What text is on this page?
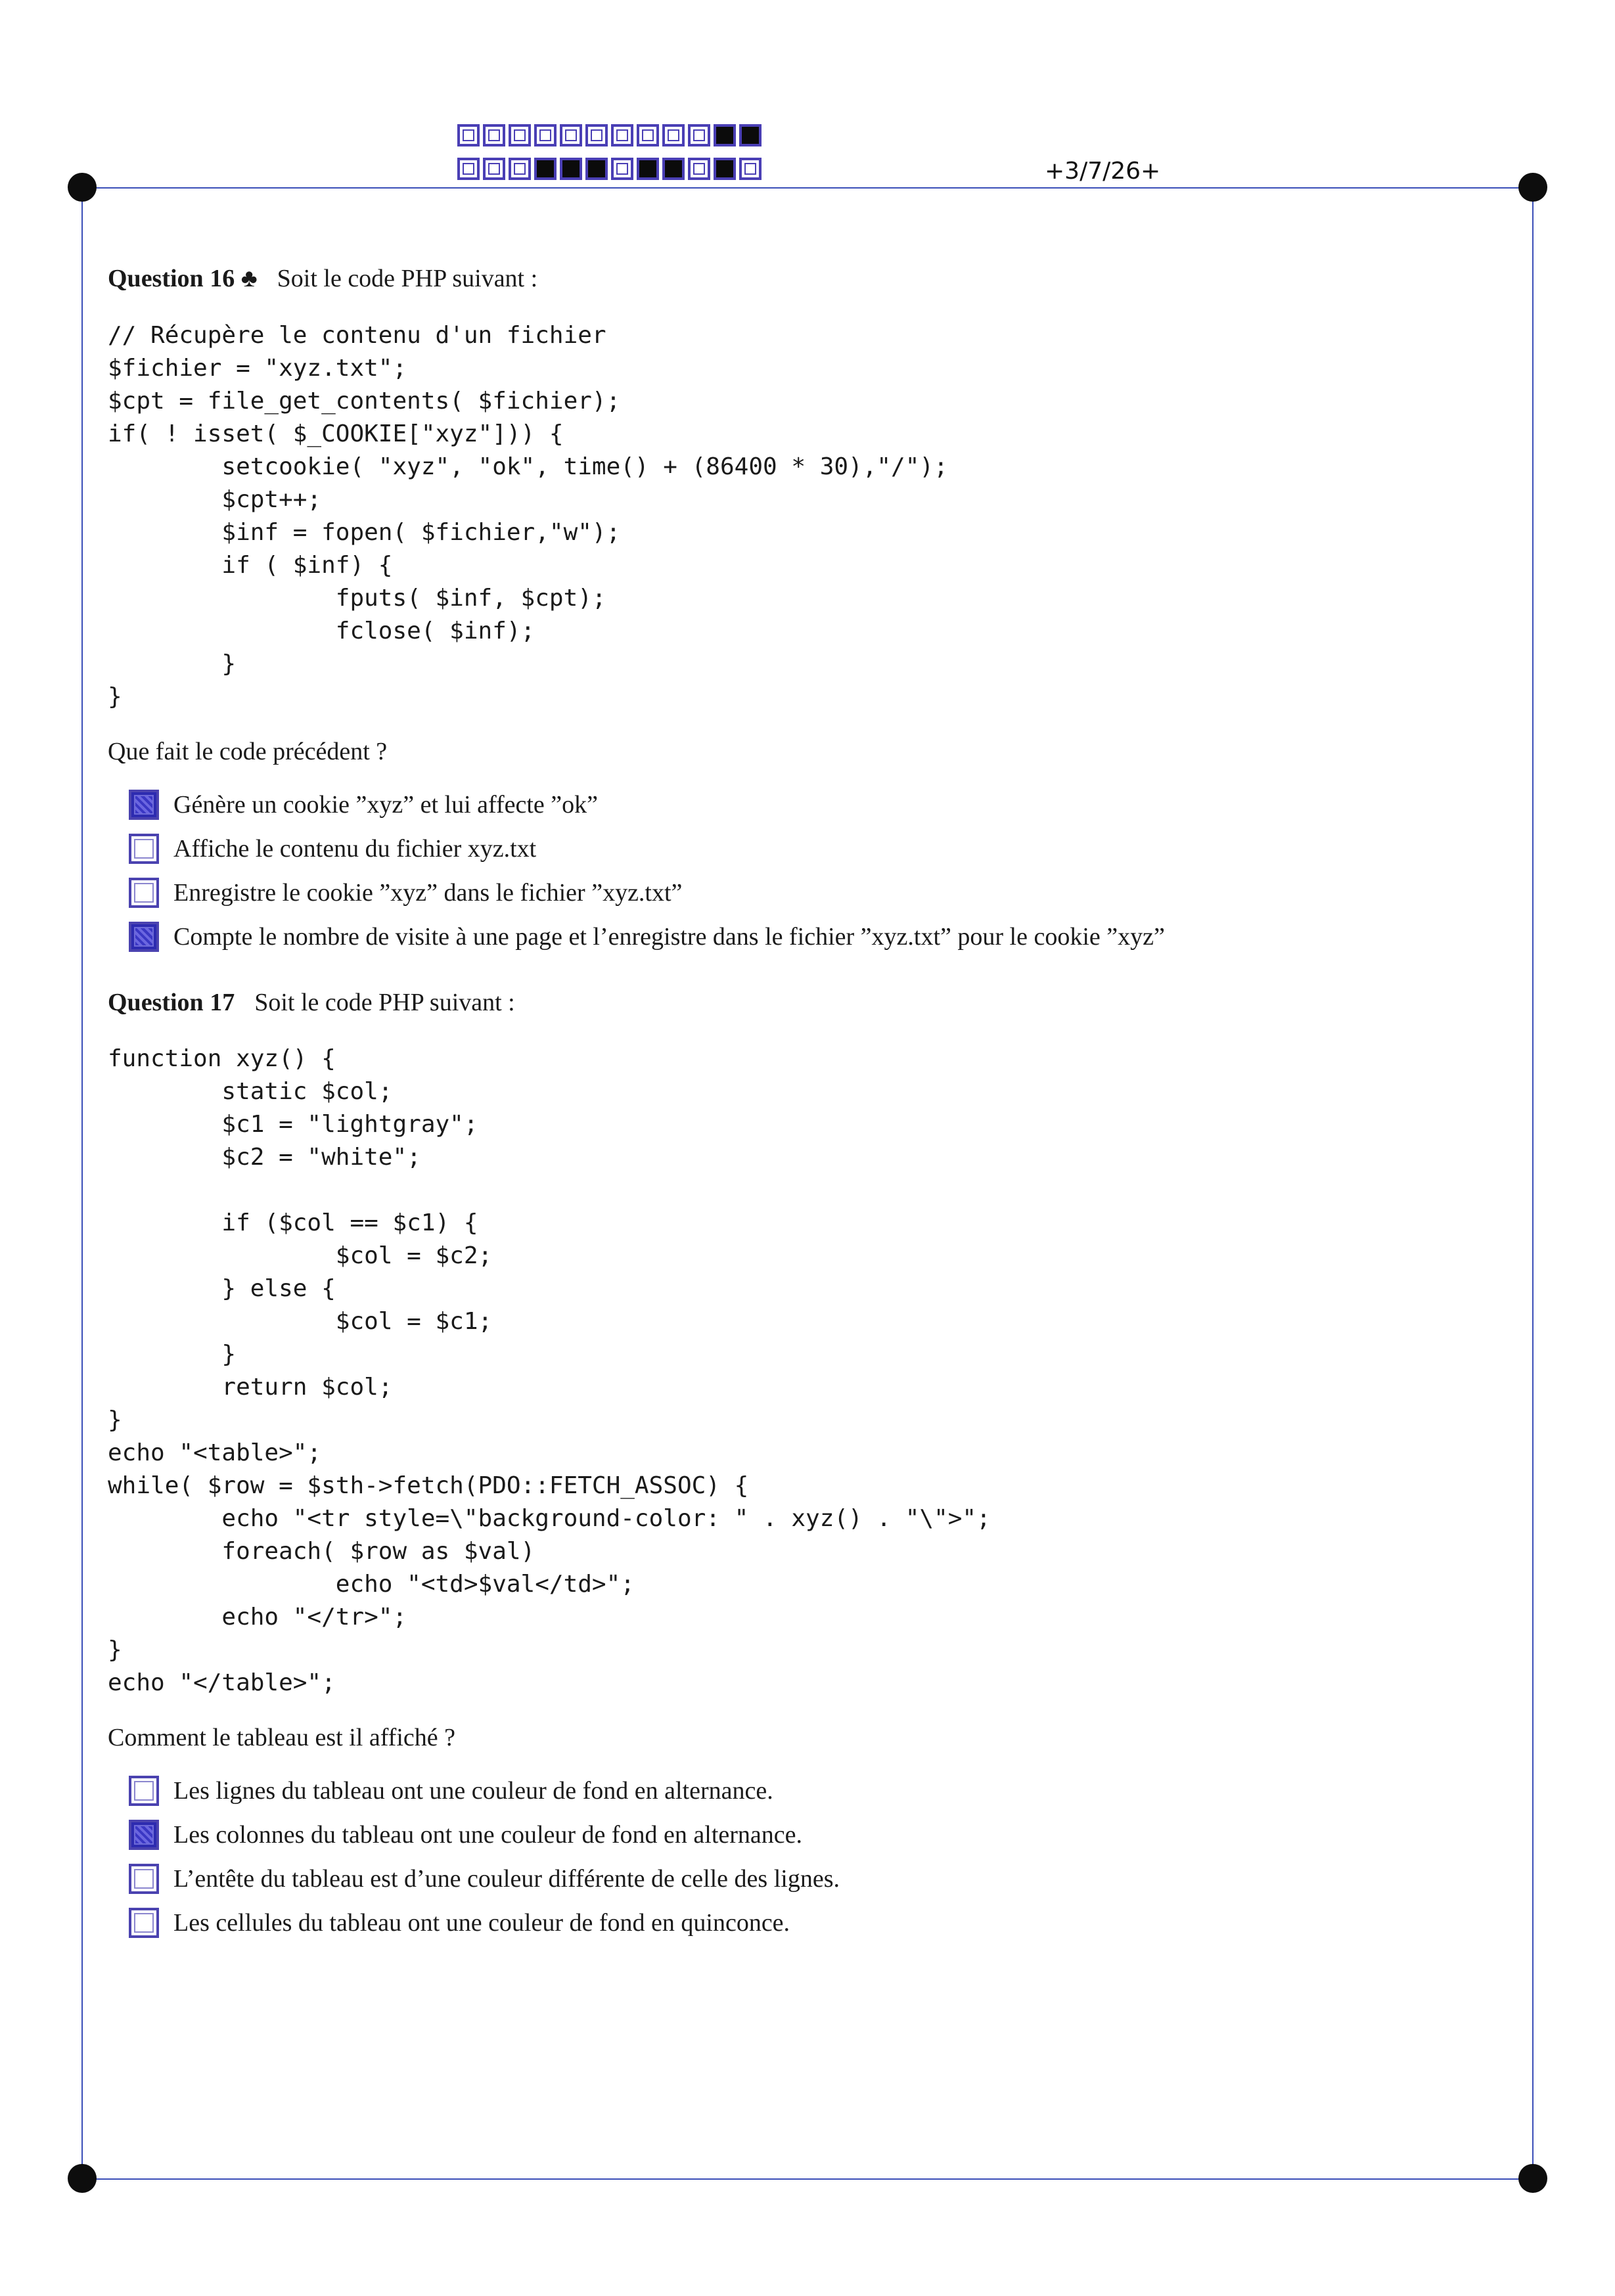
+3/7/26+
Question 16 ♣ Soit le code PHP suivant :
// Récupère le contenu d'un fichier
$fichier = "xyz.txt";
$cpt = file_get_contents( $fichier);
if( ! isset( $_COOKIE["xyz"])) {
setcookie( "xyz", "ok", time() + (86400 * 30),"/");
$cpt++;
$inf = fopen( $fichier,"w");
if ( $inf) {
fputs( $inf, $cpt);
fclose( $inf);
}
}
Que fait le code précédent ?
Génère un cookie ”xyz” et lui affecte ”ok”
Affiche le contenu du fichier xyz.txt
Enregistre le cookie ”xyz” dans le fichier ”xyz.txt”
Compte le nombre de visite à une page et l’enregistre dans le fichier ”xyz.txt” pour le cookie ”xyz”
Question 17 Soit le code PHP suivant :
function xyz() {
static $col;
$c1 = "lightgray";
$c2 = "white";

if ($col == $c1) {
$col = $c2;
} else {
$col = $c1;
}
return $col;
}
echo "<table>";
while( $row = $sth->fetch(PDO::FETCH_ASSOC) {
echo "<tr style=\"background-color: " . xyz() . "\">";
foreach( $row as $val)
echo "<td>$val</td>";
echo "</tr>";
}
echo "</table>";
Comment le tableau est il affiché ?
Les lignes du tableau ont une couleur de fond en alternance.
Les colonnes du tableau ont une couleur de fond en alternance.
L’entête du tableau est d’une couleur différente de celle des lignes.
Les cellules du tableau ont une couleur de fond en quinconce.
